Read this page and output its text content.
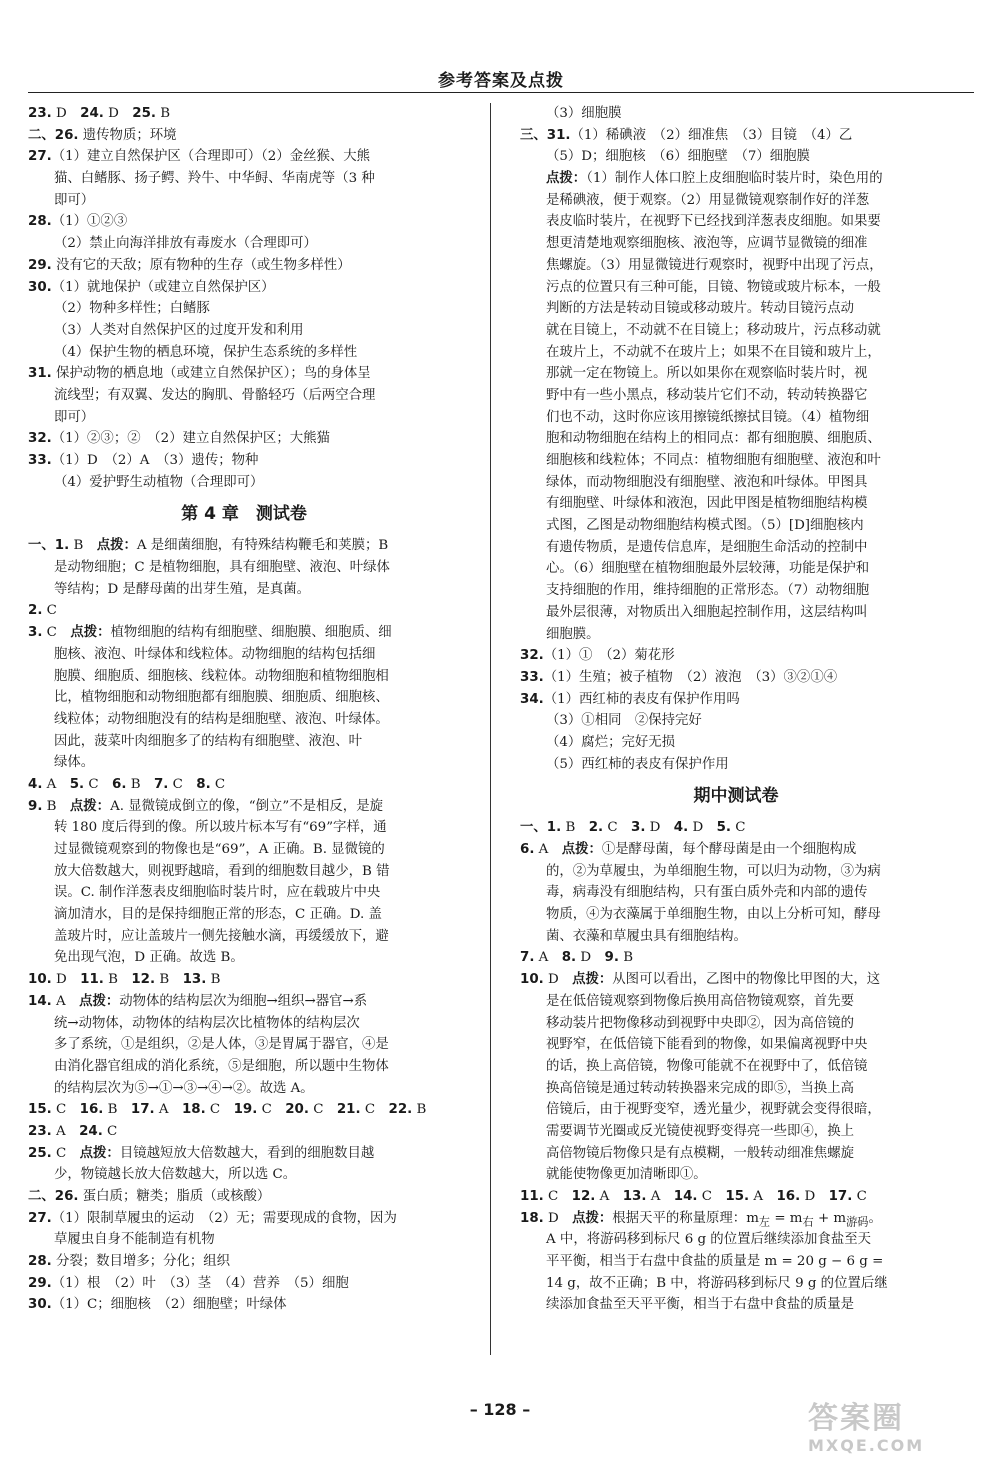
参考答案及点拨
23. D　24. D　25. B
二、26. 遗传物质；环境
27.（1）建立自然保护区（合理即可）（2）金丝猴、大熊
猫、白鳍豚、扬子鳄、羚牛、中华鲟、华南虎等（3 种
即可）
28.（1）①②③
（2）禁止向海洋排放有毒废水（合理即可）
29. 没有它的天敌；原有物种的生存（或生物多样性）
30.（1）就地保护（或建立自然保护区）
（2）物种多样性；白鳍豚
（3）人类对自然保护区的过度开发和利用
（4）保护生物的栖息环境，保护生态系统的多样性
31. 保护动物的栖息地（或建立自然保护区）；鸟的身体呈
流线型；有双翼、发达的胸肌、骨骼轻巧（后两空合理
即可）
32.（1）②③；②　（2）建立自然保护区；大熊猫
33.（1）D　（2）A　（3）遗传；物种
（4）爱护野生动植物（合理即可）
第 4 章　测试卷
一、1. B　点拨：A 是细菌细胞，有特殊结构鞭毛和荚膜；B
是动物细胞；C 是植物细胞，具有细胞壁、液泡、叶绿体
等结构；D 是酵母菌的出芽生殖，是真菌。
2. C
3. C　点拨：植物细胞的结构有细胞壁、细胞膜、细胞质、细
胞核、液泡、叶绿体和线粒体。动物细胞的结构包括细
胞膜、细胞质、细胞核、线粒体。动物细胞和植物细胞相
比，植物细胞和动物细胞都有细胞膜、细胞质、细胞核、
线粒体；动物细胞没有的结构是细胞壁、液泡、叶绿体。
因此，菠菜叶肉细胞多了的结构有细胞壁、液泡、叶
绿体。
4. A　5. C　6. B　7. C　8. C
9. B　点拨：A. 显微镜成倒立的像，“倒立”不是相反，是旋
转 180 度后得到的像。所以玻片标本写有“69”字样，通
过显微镜观察到的物像也是“69”，A 正确。B. 显微镜的
放大倍数越大，则视野越暗，看到的细胞数目越少，B 错
误。C. 制作洋葱表皮细胞临时装片时，应在载玻片中央
滴加清水，目的是保持细胞正常的形态，C 正确。D. 盖
盖玻片时，应让盖玻片一侧先接触水滴，再缓缓放下，避
免出现气泡，D 正确。故选 B。
10. D　11. B　12. B　13. B
14. A　点拨：动物体的结构层次为细胞→组织→器官→系
统→动物体，动物体的结构层次比植物体的结构层次
多了系统，①是组织，②是人体，③是胃属于器官，④是
由消化器官组成的消化系统，⑤是细胞，所以题中生物体
的结构层次为⑤→①→③→④→②。故选 A。
15. C　16. B　17. A　18. C　19. C　20. C　21. C　22. B
23. A　24. C
25. C　点拨：目镜越短放大倍数越大，看到的细胞数目越
少，物镜越长放大倍数越大，所以选 C。
二、26. 蛋白质；糖类；脂质（或核酸）
27.（1）限制草履虫的运动　（2）无；需要现成的食物，因为
草履虫自身不能制造有机物
28. 分裂；数目增多；分化；组织
29.（1）根　（2）叶　（3）茎　（4）营养　（5）细胞
30.（1）C；细胞核　（2）细胞壁；叶绿体
（3）细胞膜
三、31.（1）稀碘液　（2）细准焦　（3）目镜　（4）乙
（5）D；细胞核　（6）细胞壁　（7）细胞膜
点拨：（1）制作人体口腔上皮细胞临时装片时，染色用的
是稀碘液，便于观察。（2）用显微镜观察制作好的洋葱
表皮临时装片，在视野下已经找到洋葱表皮细胞。如果要
想更清楚地观察细胞核、液泡等，应调节显微镜的细准
焦螺旋。（3）用显微镜进行观察时，视野中出现了污点，
污点的位置只有三种可能，目镜、物镜或玻片标本，一般
判断的方法是转动目镜或移动玻片。转动目镜污点动
就在目镜上，不动就不在目镜上；移动玻片，污点移动就
在玻片上，不动就不在玻片上；如果不在目镜和玻片上，
那就一定在物镜上。所以如果你在观察临时装片时，视
野中有一些小黑点，移动装片它们不动，转动转换器它
们也不动，这时你应该用擦镜纸擦拭目镜。（4）植物细
胞和动物细胞在结构上的相同点：都有细胞膜、细胞质、
细胞核和线粒体；不同点：植物细胞有细胞壁、液泡和叶
绿体，而动物细胞没有细胞壁、液泡和叶绿体。甲图具
有细胞壁、叶绿体和液泡，因此甲图是植物细胞结构模
式图，乙图是动物细胞结构模式图。（5）[D]细胞核内
有遗传物质，是遗传信息库，是细胞生命活动的控制中
心。（6）细胞壁在植物细胞最外层较薄，功能是保护和
支持细胞的作用，维持细胞的正常形态。（7）动物细胞
最外层很薄，对物质出入细胞起控制作用，这层结构叫
细胞膜。
32.（1）①　（2）菊花形
33.（1）生殖；被子植物　（2）液泡　（3）③②①④
34.（1）西红柿的表皮有保护作用吗
（3）①相同　②保持完好
（4）腐烂；完好无损
（5）西红柿的表皮有保护作用
期中测试卷
一、1. B　2. C　3. D　4. D　5. C
6. A　点拨：①是酵母菌，每个酵母菌是由一个细胞构成
的，②为草履虫，为单细胞生物，可以归为动物，③为病
毒，病毒没有细胞结构，只有蛋白质外壳和内部的遗传
物质，④为衣藻属于单细胞生物，由以上分析可知，酵母
菌、衣藻和草履虫具有细胞结构。
7. A　8. D　9. B
10. D　点拨：从图可以看出，乙图中的物像比甲图的大，这
是在低倍镜观察到物像后换用高倍物镜观察，首先要
移动装片把物像移动到视野中央即②，因为高倍镜的
视野窄，在低倍镜下能看到的物像，如果偏离视野中央
的话，换上高倍镜，物像可能就不在视野中了，低倍镜
换高倍镜是通过转动转换器来完成的即⑤，当换上高
倍镜后，由于视野变窄，透光量少，视野就会变得很暗，
需要调节光圈或反光镜使视野变得亮一些即④，换上
高倍物镜后物像只是有点模糊，一般转动细准焦螺旋
就能使物像更加清晰即①。
11. C　12. A　13. A　14. C　15. A　16. D　17. C
18. D　点拨：根据天平的称量原理：$m_左 = m_右 + m_{游码}$。
A 中，将游码移到标尺 6 g 的位置后继续添加食盐至天
平平衡，相当于右盘中食盐的质量是 m = 20 g − 6 g =
14 g，故不正确；B 中，将游码移到标尺 9 g 的位置后继
续添加食盐至天平平衡，相当于右盘中食盐的质量是
– 128 –	答案圈
MXQE.COM
